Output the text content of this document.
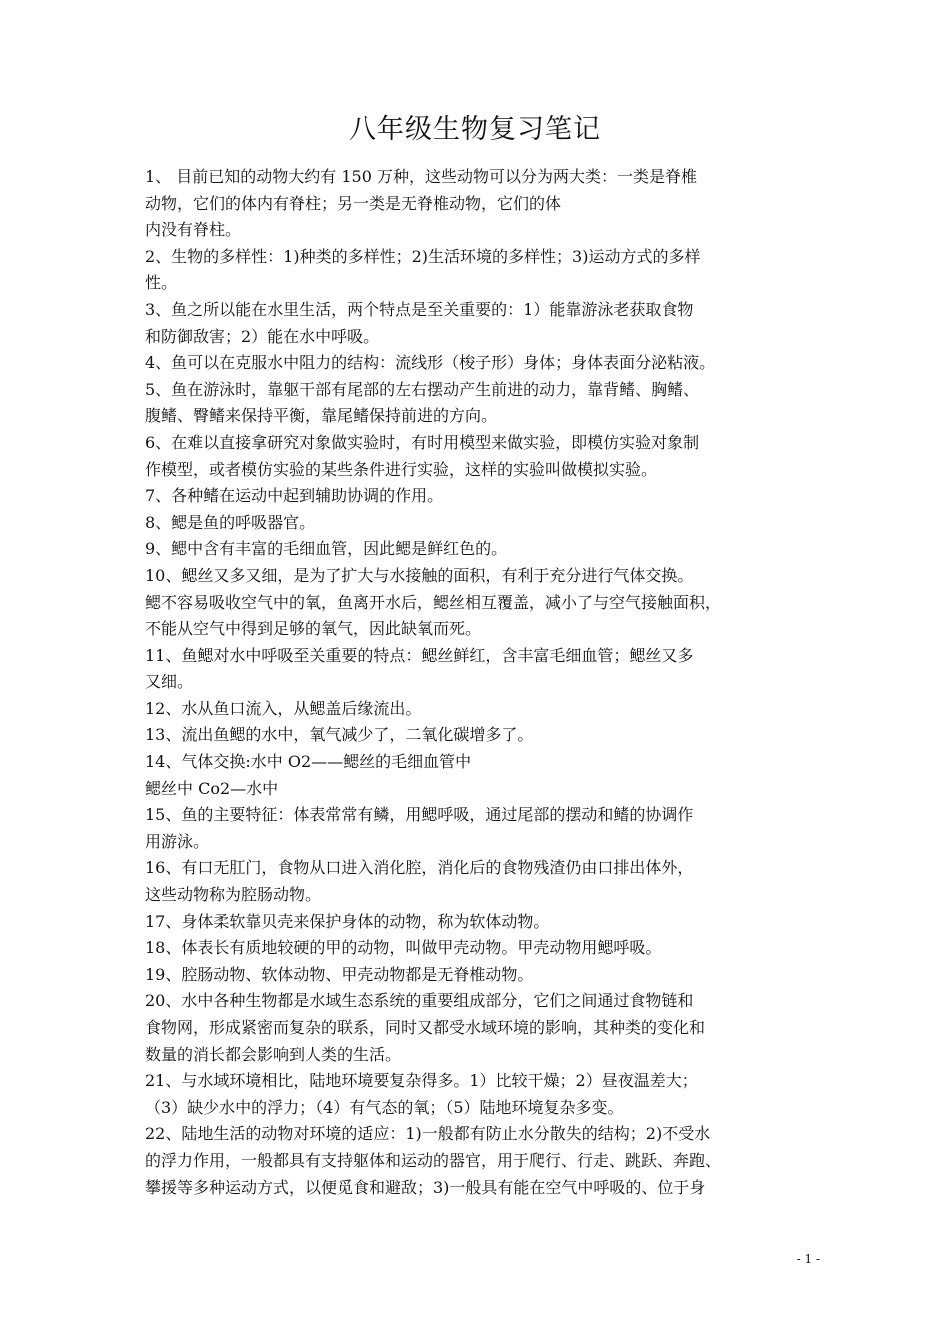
八年级生物复习笔记
1、 目前已知的动物大约有 150 万种，这些动物可以分为两大类：一类是脊椎
动物，它们的体内有脊柱；另一类是无脊椎动物，它们的体
内没有脊柱。
2、生物的多样性：1)种类的多样性；2)生活环境的多样性；3)运动方式的多样
性。
3、鱼之所以能在水里生活，两个特点是至关重要的：1）能靠游泳老获取食物
和防御敌害；2）能在水中呼吸。
4、鱼可以在克服水中阻力的结构：流线形（梭子形）身体；身体表面分泌粘液。
5、鱼在游泳时，靠躯干部有尾部的左右摆动产生前进的动力，靠背鳍、胸鳍、
腹鳍、臀鳍来保持平衡，靠尾鳍保持前进的方向。
6、在难以直接拿研究对象做实验时，有时用模型来做实验，即模仿实验对象制
作模型，或者模仿实验的某些条件进行实验，这样的实验叫做模拟实验。
7、各种鳍在运动中起到辅助协调的作用。
8、鳃是鱼的呼吸器官。
9、鳃中含有丰富的毛细血管，因此鳃是鲜红色的。
10、鳃丝又多又细，是为了扩大与水接触的面积，有利于充分进行气体交换。
鳃不容易吸收空气中的氧，鱼离开水后，鳃丝相互覆盖，减小了与空气接触面积，
不能从空气中得到足够的氧气，因此缺氧而死。
11、鱼鳃对水中呼吸至关重要的特点：鳃丝鲜红，含丰富毛细血管；鳃丝又多
又细。
12、水从鱼口流入，从鳃盖后缘流出。
13、流出鱼鳃的水中，氧气减少了，二氧化碳增多了。
14、气体交换:水中 O2——鳃丝的毛细血管中
鳃丝中 Co2—水中
15、鱼的主要特征：体表常常有鳞，用鳃呼吸，通过尾部的摆动和鳍的协调作
用游泳。
16、有口无肛门，食物从口进入消化腔，消化后的食物残渣仍由口排出体外，
这些动物称为腔肠动物。
17、身体柔软靠贝壳来保护身体的动物，称为软体动物。
18、体表长有质地较硬的甲的动物，叫做甲壳动物。甲壳动物用鳃呼吸。
19、腔肠动物、软体动物、甲壳动物都是无脊椎动物。
20、水中各种生物都是水域生态系统的重要组成部分，它们之间通过食物链和
食物网，形成紧密而复杂的联系，同时又都受水域环境的影响，其种类的变化和
数量的消长都会影响到人类的生活。
21、与水域环境相比，陆地环境要复杂得多。1）比较干燥；2）昼夜温差大；
（3）缺少水中的浮力；（4）有气态的氧；（5）陆地环境复杂多变。
22、陆地生活的动物对环境的适应：1)一般都有防止水分散失的结构；2)不受水
的浮力作用，一般都具有支持躯体和运动的器官，用于爬行、行走、跳跃、奔跑、
攀援等多种运动方式，以便觅食和避敌；3)一般具有能在空气中呼吸的、位于身
- 1 -
